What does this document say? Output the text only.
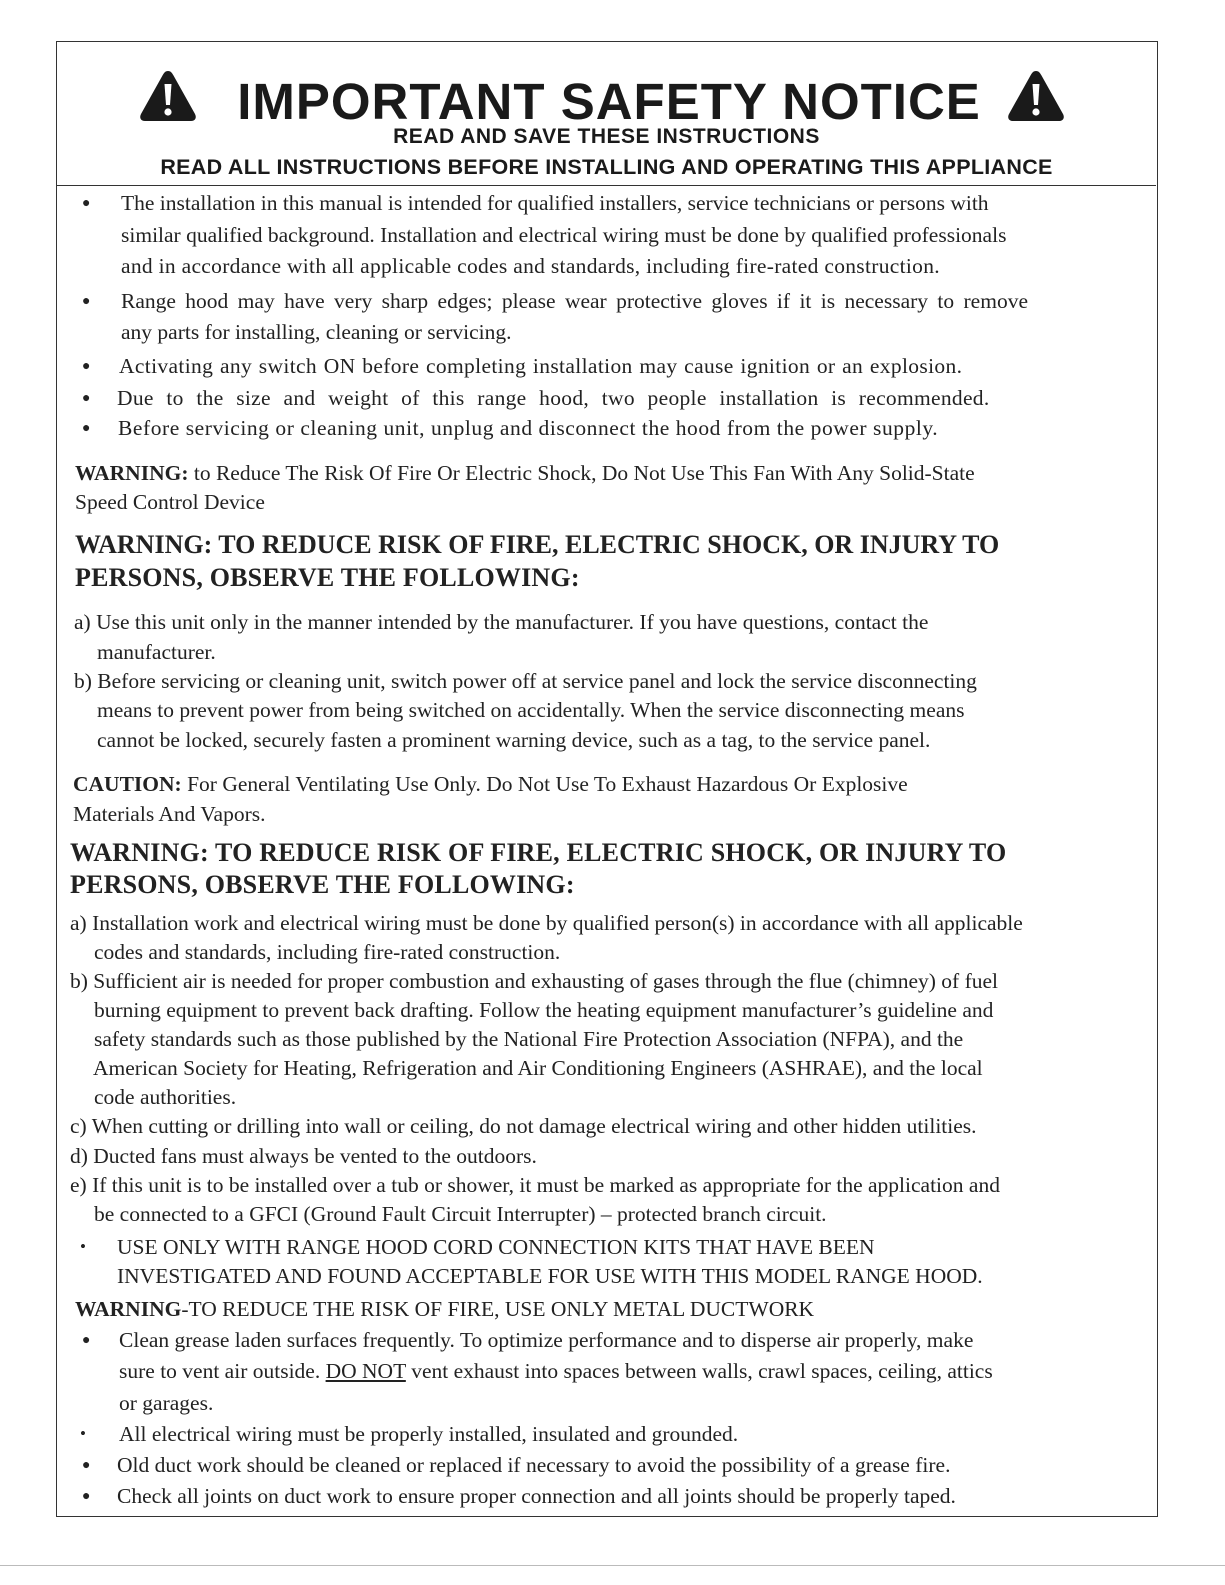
IMPORTANT SAFETY NOTICE
READ AND SAVE THESE INSTRUCTIONS
READ ALL INSTRUCTIONS BEFORE INSTALLING AND OPERATING THIS APPLIANCE
● The installation in this manual is intended for qualified installers, service technicians or persons with
similar qualified background. Installation and electrical wiring must be done by qualified professionals
and in accordance with all applicable codes and standards, including fire-rated construction.
● Range hood may have very sharp edges; please wear protective gloves if it is necessary to remove
any parts for installing, cleaning or servicing.
● Activating any switch ON before completing installation may cause ignition or an explosion.
● Due to the size and weight of this range hood, two people installation is recommended.
● Before servicing or cleaning unit, unplug and disconnect the hood from the power supply.
WARNING: to Reduce The Risk Of Fire Or Electric Shock, Do Not Use This Fan With Any Solid-State
Speed Control Device
WARNING: TO REDUCE RISK OF FIRE, ELECTRIC SHOCK, OR INJURY TO
PERSONS, OBSERVE THE FOLLOWING:
a) Use this unit only in the manner intended by the manufacturer. If you have questions, contact the
manufacturer.
b) Before servicing or cleaning unit, switch power off at service panel and lock the service disconnecting
means to prevent power from being switched on accidentally. When the service disconnecting means
cannot be locked, securely fasten a prominent warning device, such as a tag, to the service panel.
CAUTION: For General Ventilating Use Only. Do Not Use To Exhaust Hazardous Or Explosive
Materials And Vapors.
WARNING: TO REDUCE RISK OF FIRE, ELECTRIC SHOCK, OR INJURY TO
PERSONS, OBSERVE THE FOLLOWING:
a) Installation work and electrical wiring must be done by qualified person(s) in accordance with all applicable
codes and standards, including fire-rated construction.
b) Sufficient air is needed for proper combustion and exhausting of gases through the flue (chimney) of fuel
burning equipment to prevent back drafting. Follow the heating equipment manufacturer’s guideline and
safety standards such as those published by the National Fire Protection Association (NFPA), and the
American Society for Heating, Refrigeration and Air Conditioning Engineers (ASHRAE), and the local
code authorities.
c) When cutting or drilling into wall or ceiling, do not damage electrical wiring and other hidden utilities.
d) Ducted fans must always be vented to the outdoors.
e) If this unit is to be installed over a tub or shower, it must be marked as appropriate for the application and
be connected to a GFCI (Ground Fault Circuit Interrupter) – protected branch circuit.
• USE ONLY WITH RANGE HOOD CORD CONNECTION KITS THAT HAVE BEEN
INVESTIGATED AND FOUND ACCEPTABLE FOR USE WITH THIS MODEL RANGE HOOD.
WARNING-TO REDUCE THE RISK OF FIRE, USE ONLY METAL DUCTWORK
● Clean grease laden surfaces frequently. To optimize performance and to disperse air properly, make
sure to vent air outside. DO NOT vent exhaust into spaces between walls, crawl spaces, ceiling, attics
or garages.
• All electrical wiring must be properly installed, insulated and grounded.
● Old duct work should be cleaned or replaced if necessary to avoid the possibility of a grease fire.
● Check all joints on duct work to ensure proper connection and all joints should be properly taped.
